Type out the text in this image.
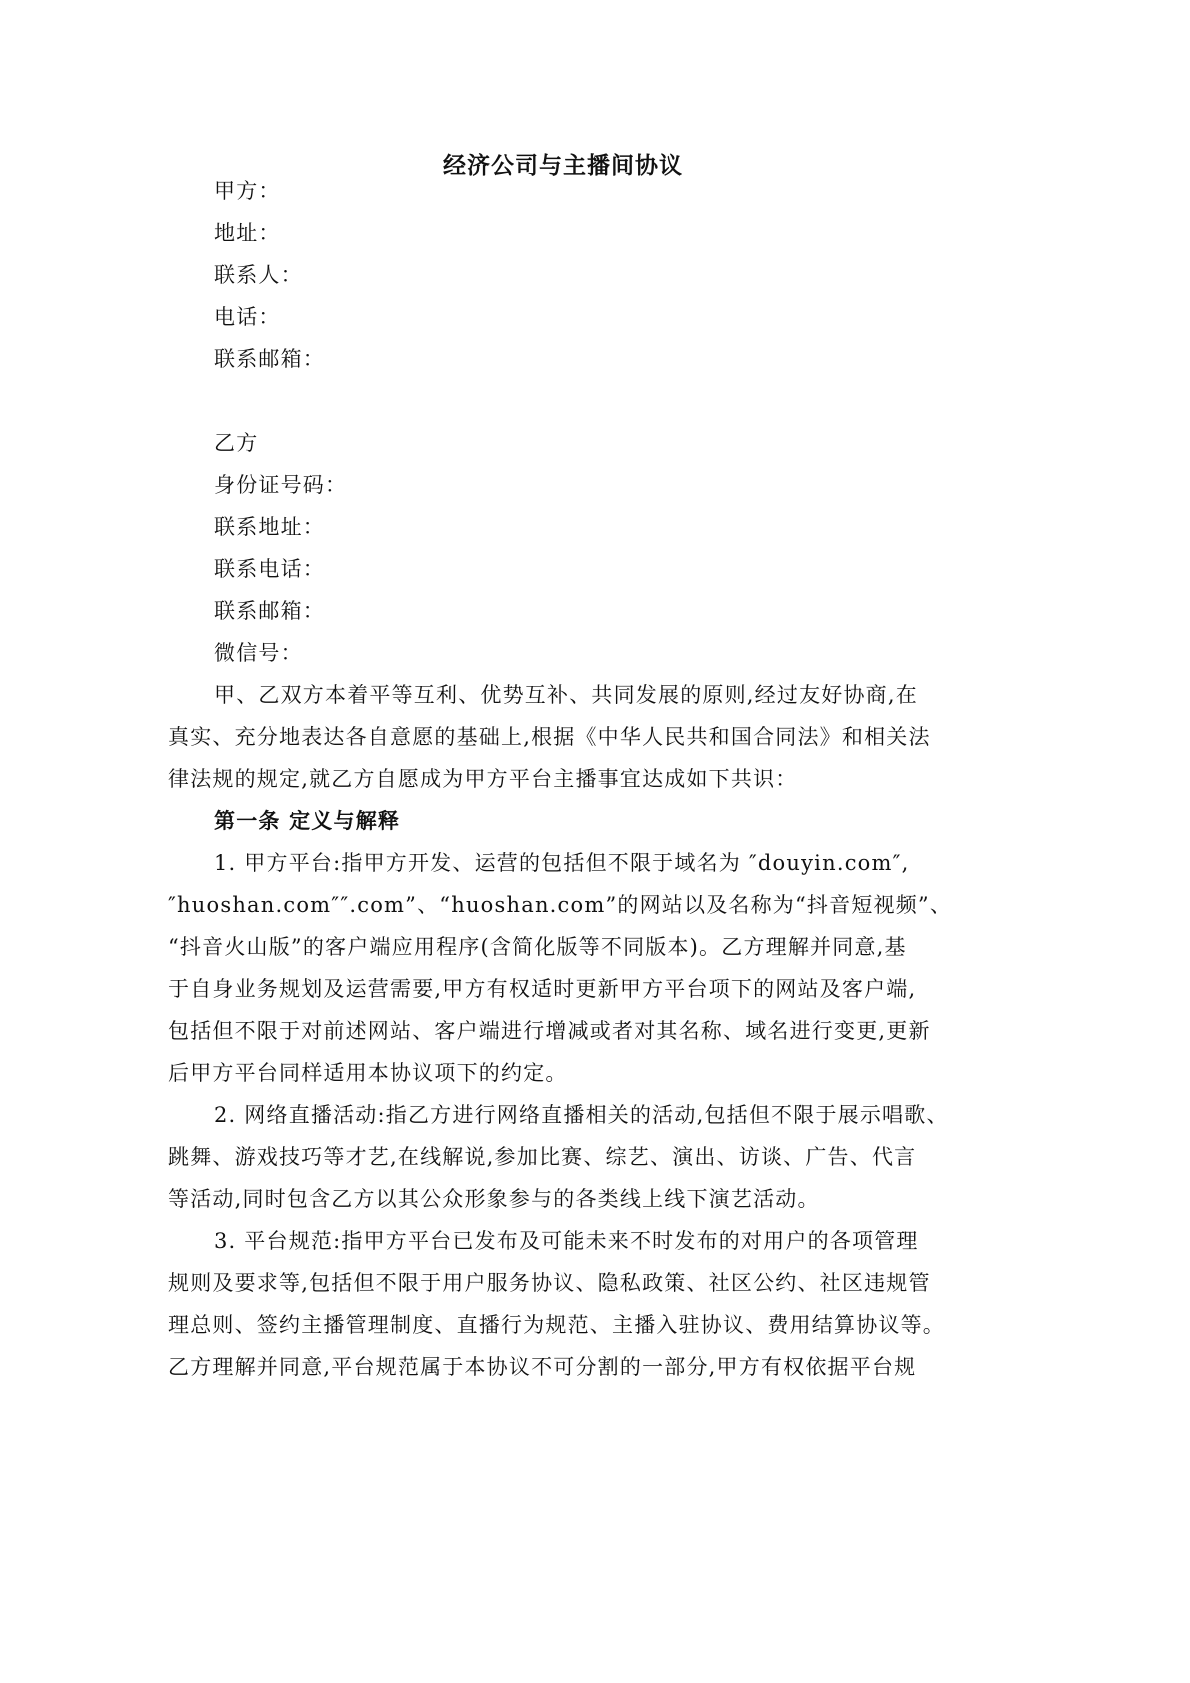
经济公司与主播间协议
甲方：
地址：
联系人：
电话：
联系邮箱：
乙方
身份证号码：
联系地址：
联系电话：
联系邮箱：
微信号：
甲、乙双方本着平等互利、优势互补、共同发展的原则,经过友好协商,在
真实、充分地表达各自意愿的基础上,根据《中华人民共和国合同法》和相关法
律法规的规定,就乙方自愿成为甲方平台主播事宜达成如下共识：
第一条 定义与解释
1. 甲方平台:指甲方开发、运营的包括但不限于域名为 ″douyin.com″,
″huoshan.com″″.com”、“huoshan.com”的网站以及名称为“抖音短视频”、
“抖音火山版”的客户端应用程序(含简化版等不同版本)。乙方理解并同意,基
于自身业务规划及运营需要,甲方有权适时更新甲方平台项下的网站及客户端,
包括但不限于对前述网站、客户端进行增减或者对其名称、域名进行变更,更新
后甲方平台同样适用本协议项下的约定。
2. 网络直播活动:指乙方进行网络直播相关的活动,包括但不限于展示唱歌、
跳舞、游戏技巧等才艺,在线解说,参加比赛、综艺、演出、访谈、广告、代言
等活动,同时包含乙方以其公众形象参与的各类线上线下演艺活动。
3. 平台规范:指甲方平台已发布及可能未来不时发布的对用户的各项管理
规则及要求等,包括但不限于用户服务协议、隐私政策、社区公约、社区违规管
理总则、签约主播管理制度、直播行为规范、主播入驻协议、费用结算协议等。
乙方理解并同意,平台规范属于本协议不可分割的一部分,甲方有权依据平台规
